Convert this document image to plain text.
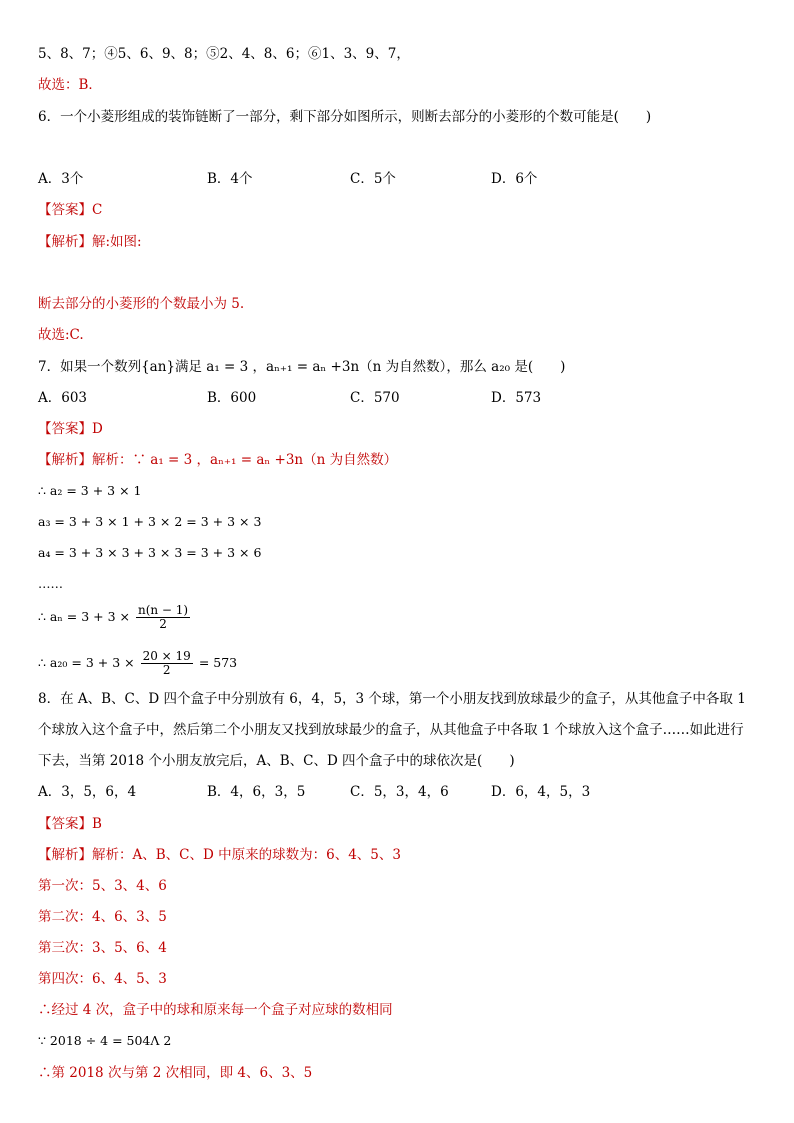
5、8、7；④5、6、9、8；⑤2、4、8、6；⑥1、3、9、7，
故选：B．
6．一个小菱形组成的装饰链断了一部分，剩下部分如图所示，则断去部分的小菱形的个数可能是(　　)
A．3个	B．4个	C．5个	D．6个
【答案】C
【解析】解:如图:
断去部分的小菱形的个数最小为 5.
故选:C.
7．如果一个数列{an}满足 a₁ = 3 ，aₙ₊₁ = aₙ +3n（n 为自然数），那么 a₂₀ 是(　　)
A．603	B．600	C．570	D．573
【答案】D
【解析】解析：∵ a₁ = 3 ，aₙ₊₁ = aₙ +3n（n 为自然数）
∴ a₂ = 3 + 3 × 1
a₃ = 3 + 3 × 1 + 3 × 2 = 3 + 3 × 3
a₄ = 3 + 3 × 3 + 3 × 3 = 3 + 3 × 6
……
∴ $a_n = 3 + 3 \times \frac{n(n - 1)}{2}$
∴ $a_{20} = 3 + 3 \times \frac{20 \times 19}{2} = 573$
8．在 A、B、C、D 四个盒子中分别放有 6，4，5，3 个球，第一个小朋友找到放球最少的盒子，从其他盒子中各取 1
个球放入这个盒子中，然后第二个小朋友又找到放球最少的盒子，从其他盒子中各取 1 个球放入这个盒子……如此进行
下去，当第 2018 个小朋友放完后，A、B、C、D 四个盒子中的球依次是(　　)
A．3，5，6，4	B．4，6，3，5	C．5，3，4，6	D．6，4，5，3
【答案】B
【解析】解析：A、B、C、D 中原来的球数为：6、4、5、3
第一次：5、3、4、6
第二次：4、6、3、5
第三次：3、5、6、4
第四次：6、4、5、3
∴经过 4 次，盒子中的球和原来每一个盒子对应球的数相同
∵ 2018 ÷ 4 = 504Λ 2
∴第 2018 次与第 2 次相同，即 4、6、3、5
